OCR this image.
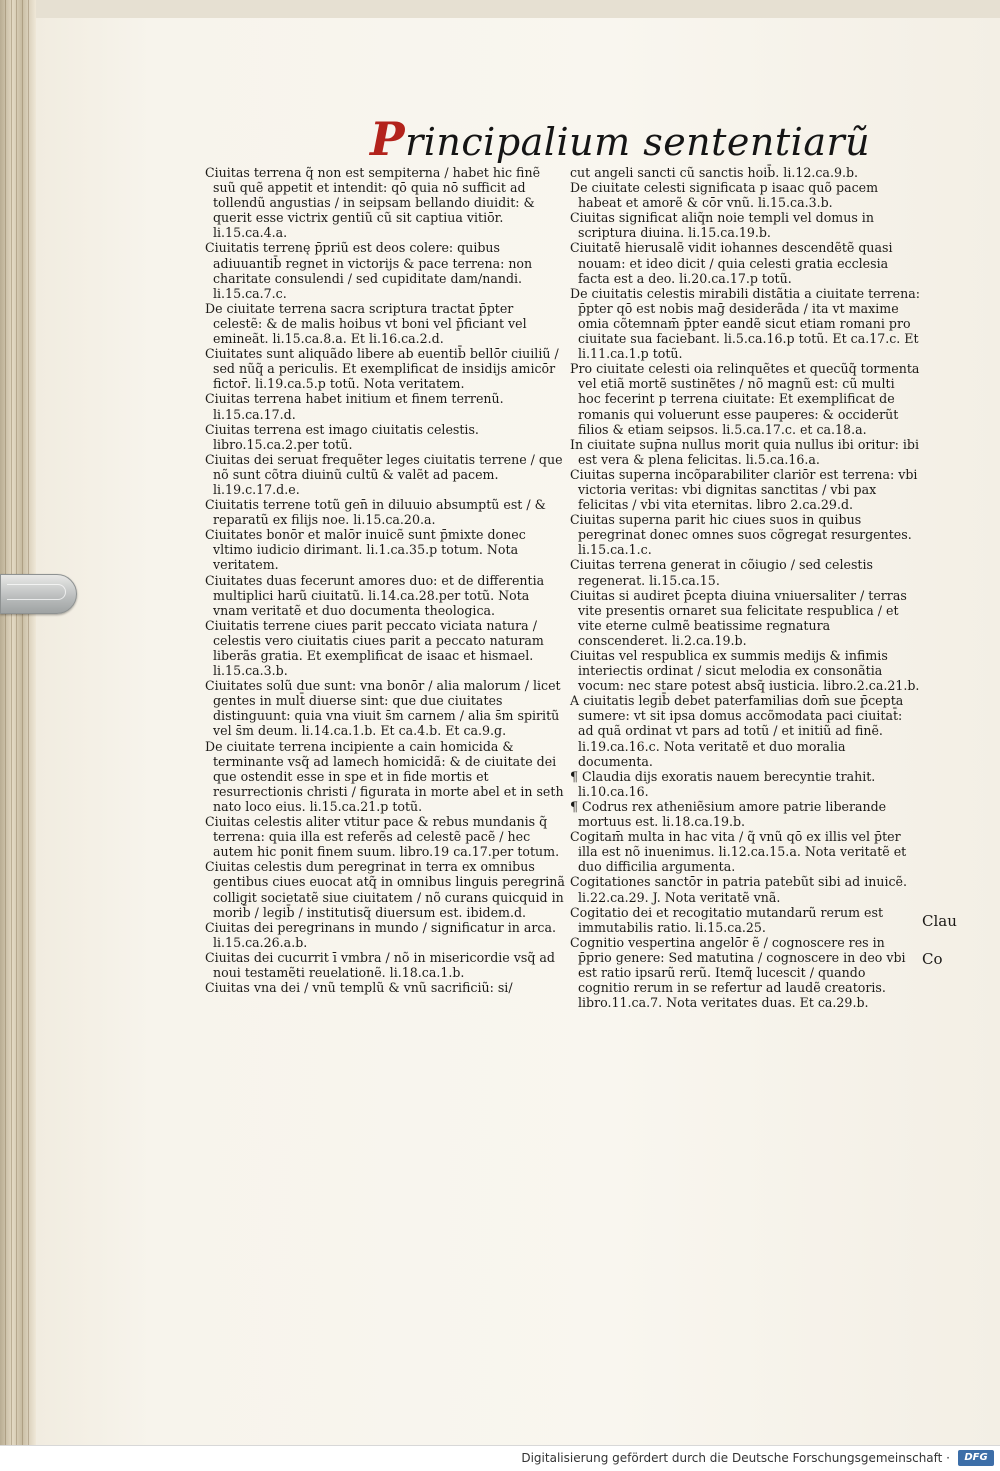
Principalium sententiarũ
Ciuitas terrena q̃ non est sempiterna / habet hic finẽ suũ quẽ appetit et intendit: qō quia nō sufficit ad tollendũ angustias / in seipsam bellando diuidit: & querit esse victrix gentiũ cũ sit captiua vitiōr. li.15.ca.4.a.
Ciuitatis terrenę p̄priũ est deos colere: quibus adiuuantib̄ regnet in victorijs & pace terrena: non charitate consulendi / sed cupiditate dam/nandi. li.15.ca.7.c.
De ciuitate terrena sacra scriptura tractat p̄pter celestẽ: & de malis hoibus vt boni vel p̄ficiant vel emineãt. li.15.ca.8.a. Et li.16.ca.2.d.
Ciuitates sunt aliquãdo libere ab euentib̄ bellōr ciuiliũ / sed nũq̃ a periculis. Et exemplificat de insidijs amicōr fictor̄. li.19.ca.5.p totũ. Nota veritatem.
Ciuitas terrena habet initium et finem terrenũ. li.15.ca.17.d.
Ciuitas terrena est imago ciuitatis celestis. libro.15.ca.2.per totũ.
Ciuitas dei seruat frequẽter leges ciuitatis terrene / que nõ sunt cõtra diuinũ cultũ & valẽt ad pacem. li.19.c.17.d.e.
Ciuitatis terrene totũ gen̄ in diluuio absumptũ est / & reparatũ ex filijs noe. li.15.ca.20.a.
Ciuitates bonōr et malōr inuicẽ sunt p̄mixte donec vltimo iudicio dirimant. li.1.ca.35.p totum. Nota veritatem.
Ciuitates duas fecerunt amores duo: et de differentia multiplici harũ ciuitatũ. li.14.ca.28.per totũ. Nota vnam veritatẽ et duo documenta theologica.
Ciuitatis terrene ciues parit peccato viciata natura / celestis vero ciuitatis ciues parit a peccato naturam liberãs gratia. Et exemplificat de isaac et hismael. li.15.ca.3.b.
Ciuitates solũ due sunt: vna bonōr / alia malorum / licet gentes in mult̄ diuerse sint: que due ciuitates distinguunt: quia vna viuit s̄m carnem / alia s̄m spiritũ vel s̄m deum. li.14.ca.1.b. Et ca.4.b. Et ca.9.g.
De ciuitate terrena incipiente a cain homicida & terminante vsq̃ ad lamech homicidã: & de ciuitate dei que ostendit esse in spe et in fide mortis et resurrectionis christi / figurata in morte abel et in seth nato loco eius. li.15.ca.21.p totũ.
Ciuitas celestis aliter vtitur pace & rebus mundanis q̃ terrena: quia illa est referẽs ad celestẽ pacẽ / hec autem hic ponit finem suum. libro.19 ca.17.per totum.
Ciuitas celestis dum peregrinat in terra ex omnibus gentibus ciues euocat atq̃ in omnibus linguis peregrinã colligit societatẽ siue ciuitatem / nõ curans quicquid in morib̄ / legib̄ / institutisq̃ diuersum est. ibidem.d.
Ciuitas dei peregrinans in mundo / significatur in arca. li.15.ca.26.a.b.
Ciuitas dei cucurrit ī vmbra / nõ in misericordie vsq̃ ad noui testamẽti reuelationẽ. li.18.ca.1.b.
Ciuitas vna dei / vnũ templũ & vnũ sacrificiũ: si/
cut angeli sancti cũ sanctis hoib̄. li.12.ca.9.b.
De ciuitate celesti significata p isaac quõ pacem habeat et amorẽ & cōr vnũ. li.15.ca.3.b.
Ciuitas significat aliq̃n noie templi vel domus in scriptura diuina. li.15.ca.19.b.
Ciuitatẽ hierusalẽ vidit iohannes descendẽtẽ quasi nouam: et ideo dicit / quia celesti gratia ecclesia facta est a deo. li.20.ca.17.p totũ.
De ciuitatis celestis mirabili distãtia a ciuitate terrena: p̄pter qō est nobis maḡ desiderãda / ita vt maxime omia cõtemnam̄ p̄pter eandẽ sicut etiam romani pro ciuitate sua faciebant. li.5.ca.16.p totũ. Et ca.17.c. Et li.11.ca.1.p totũ.
Pro ciuitate celesti oia relinquẽtes et quecũq̃ tormenta vel etiã mortẽ sustinẽtes / nõ magnũ est: cũ multi hoc fecerint p terrena ciuitate: Et exemplificat de romanis qui voluerunt esse pauperes: & occiderũt filios & etiam seipsos. li.5.ca.17.c. et ca.18.a.
In ciuitate sup̄na nullus morit quia nullus ibi oritur: ibi est vera & plena felicitas. li.5.ca.16.a.
Ciuitas superna incõparabiliter clariōr est terrena: vbi victoria veritas: vbi dignitas sanctitas / vbi pax felicitas / vbi vita eternitas. libro 2.ca.29.d.
Ciuitas superna parit hic ciues suos in quibus peregrinat donec omnes suos cõgregat resurgentes. li.15.ca.1.c.
Ciuitas terrena generat in cõiugio / sed celestis regenerat. li.15.ca.15.
Ciuitas si audiret p̄cepta diuina vniuersaliter / terras vite presentis ornaret sua felicitate respublica / et vite eterne culmẽ beatissime regnatura conscenderet. li.2.ca.19.b.
Ciuitas vel respublica ex summis medijs & infimis interiectis ordinat / sicut melodia ex consonãtia vocum: nec stare potest absq̃ iusticia. libro.2.ca.21.b.
A ciuitatis legib̄ debet paterfamilias dom̄ sue p̄cepta sumere: vt sit ipsa domus accõmodata paci ciuitat̄: ad quã ordinat vt pars ad totũ / et initiũ ad finẽ. li.19.ca.16.c. Nota veritatẽ et duo moralia documenta.
¶ Claudia dijs exoratis nauem berecyntie trahit. li.10.ca.16.
¶ Codrus rex atheniẽsium amore patrie liberande mortuus est. li.18.ca.19.b.
Cogitam̄ multa in hac vita / q̃ vnũ qō ex illis vel p̄ter illa est nõ inuenimus. li.12.ca.15.a. Nota veritatẽ et duo difficilia argumenta.
Cogitationes sanctōr in patria patebũt sibi ad inuicẽ. li.22.ca.29. J. Nota veritatẽ vnã.
Cogitatio dei et recogitatio mutandarũ rerum est immutabilis ratio. li.15.ca.25.
Cognitio vespertina angelōr ẽ / cognoscere res in p̄prio genere: Sed matutina / cognoscere in deo vbi est ratio ipsarũ rerũ. Itemq̃ lucescit / quando cognitio rerum in se refertur ad laudẽ creatoris. libro.11.ca.7. Nota veritates duas. Et ca.29.b.
Clau
Co
Digitalisierung gefördert durch die Deutsche Forschungsgemeinschaft ·	DFG
